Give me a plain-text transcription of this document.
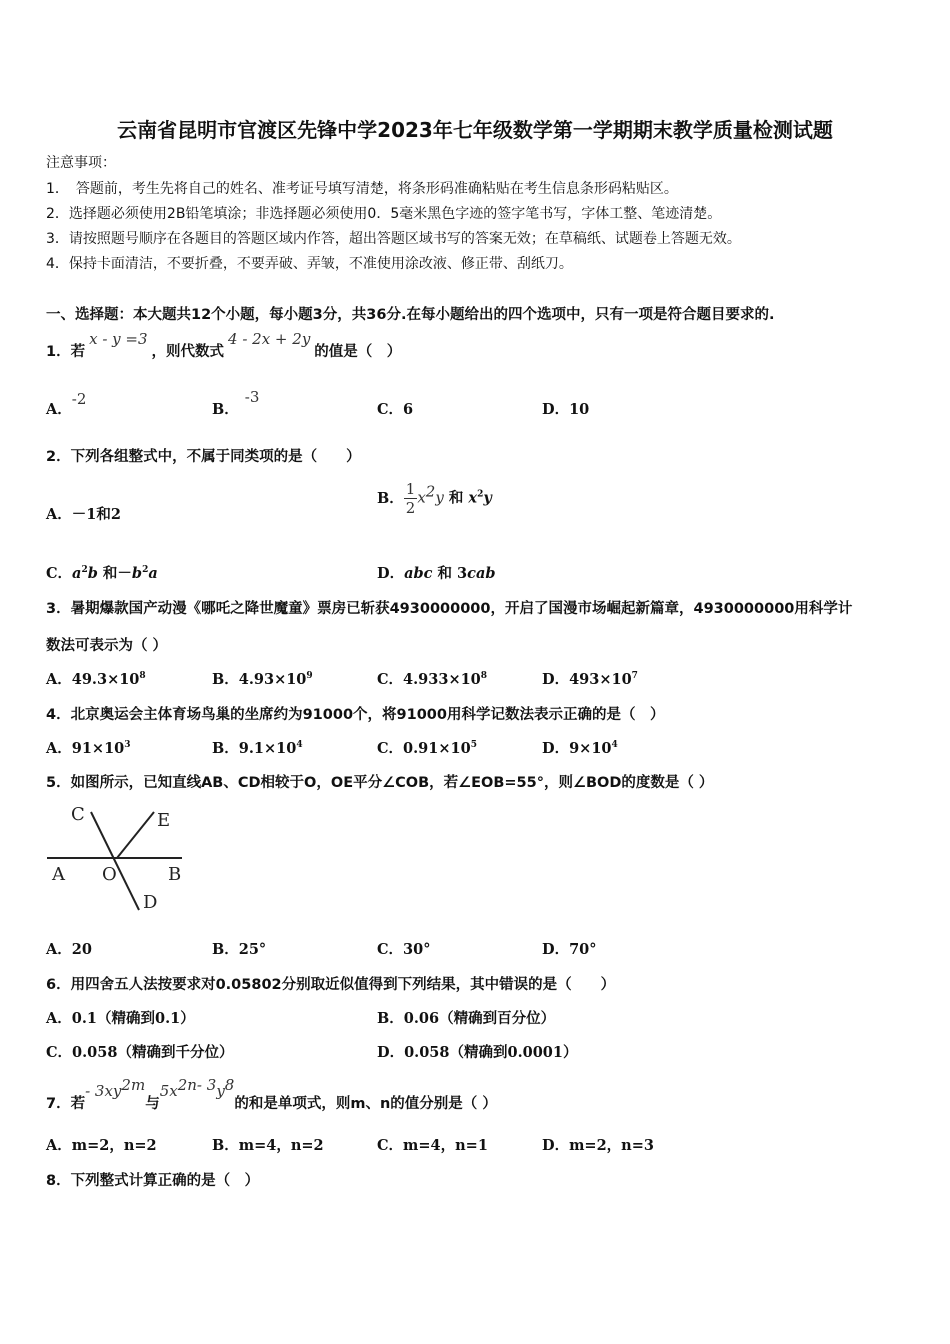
云南省昆明市官渡区先锋中学2023年七年级数学第一学期期末教学质量检测试题
注意事项：
1．　答题前，考生先将自己的姓名、准考证号填写清楚，将条形码准确粘贴在考生信息条形码粘贴区。
2．选择题必须使用2B铅笔填涂；非选择题必须使用0．5毫米黑色字迹的签字笔书写，字体工整、笔迹清楚。
3．请按照题号顺序在各题目的答题区域内作答，超出答题区域书写的答案无效；在草稿纸、试题卷上答题无效。
4．保持卡面清洁，不要折叠，不要弄破、弄皱，不准使用涂改液、修正带、刮纸刀。
一、选择题：本大题共12个小题，每小题3分，共36分.在每小题给出的四个选项中，只有一项是符合题目要求的.
1．若x - y =3，则代数式4 - 2x + 2y的值是（　）
A．-2
B．-3
C．6	D．10
2．下列各组整式中，不属于同类项的是（　　）
A．－1和2
B． $\frac{1}{2} x^2y$ 和 $x^2y$
C．$a^2b$ 和$-b^2a$	D．abc 和 3cab
3．暑期爆款国产动漫《哪吒之降世魔童》票房已斩获4930000000，开启了国漫市场崛起新篇章，4930000000用科学计
数法可表示为（ ）
A．$49.3\times 10^8$	B．$4.93\times 10^9$	C．$4.933\times 10^8$	D．$493\times 10^7$
4．北京奥运会主体育场鸟巢的坐席约为91000个，将91000用科学记数法表示正确的是（　）
A．$91\times 10^3$	B．$9.1\times 10^4$	C．$0.91\times 10^5$	D．$9\times 10^4$
5．如图所示，已知直线AB、CD相较于O，OE平分∠COB，若∠EOB=55°，则∠BOD的度数是（ ）
C	E
A O	B
D
A．20	B．25°	C．30°	D．70°
6．用四舍五人法按要求对0.05802分别取近似值得到下列结果，其中错误的是（　　）
A．0.1（精确到0.1）	B．0.06（精确到百分位）
C．0.058（精确到千分位）	D．0.058（精确到0.0001）
7．若- $3xy^{2m}$与$5x^{2n- 3}y^8$的和是单项式，则m、n的值分别是（ ）
A．m=2，n=2	B．m=4，n=2	C．m=4，n=1	D．m=2，n=3
8．下列整式计算正确的是（　）
